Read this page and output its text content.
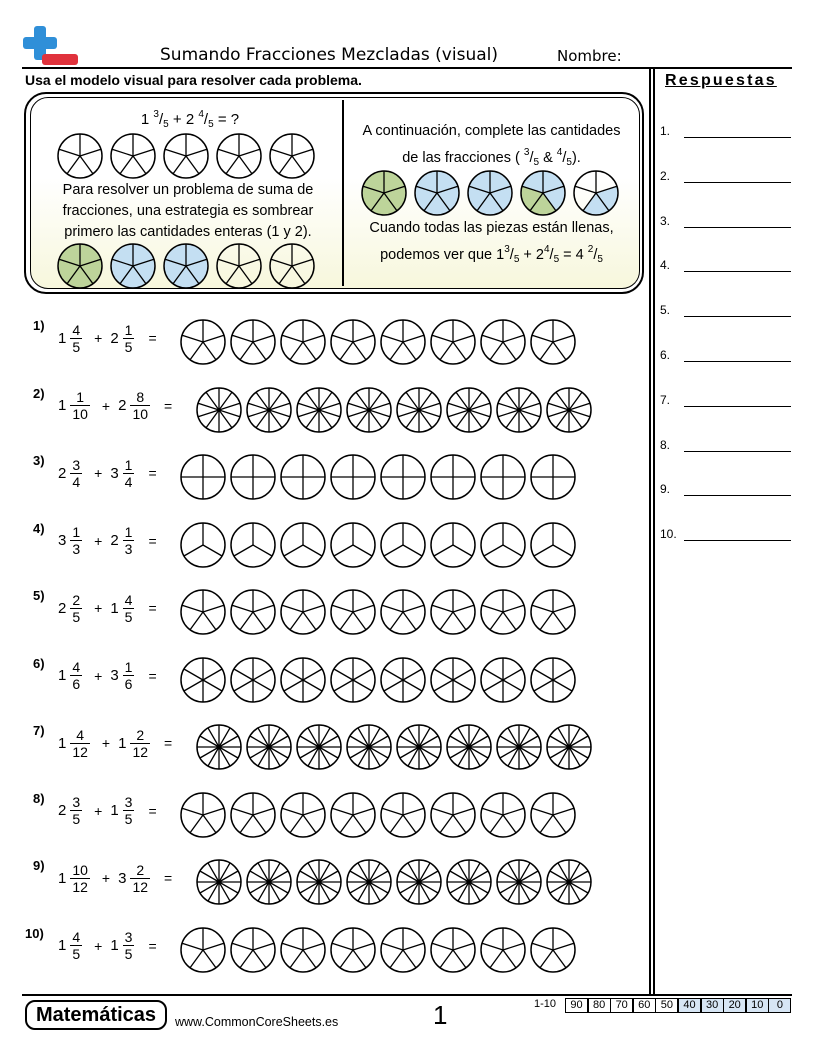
Sumando Fracciones Mezcladas (visual)	Nombre:
Usa el modelo visual para resolver cada problema.	Respuestas
1.
2.
3.
4.
5.
6.
7.
8.
9.
10.
1 $^3/_5 + 2$ $^4/_5$ = ?
Para resolver un problema de suma de
fracciones, una estrategia es sombrear
primero las cantidades enteras (1 y 2).
A continuación, complete las cantidades
de las fracciones ( $^3/_5$ & $^4/_5$).
Cuando todas las piezas están llenas,
podemos ver que $1^3/_5 + 2^4/_5 = 4$ $^2/_5$
1)
$1 \frac{4}{5} + 2 \frac{1}{5}$ =
2)
$1 \frac{1}{10} + 2 \frac{8}{10}$ =
3)
$2 \frac{3}{4} + 3 \frac{1}{4}$ =
4)
$3 \frac{1}{3} + 2 \frac{1}{3}$ =
5)
$2 \frac{2}{5} + 1 \frac{4}{5}$ =
6)
$1 \frac{4}{6} + 3 \frac{1}{6}$ =
7)
$1 \frac{4}{12} + 1 \frac{2}{12}$ =
8)
$2 \frac{3}{5} + 1 \frac{3}{5}$ =
9)
$1 \frac{10}{12} + 3 \frac{2}{12}$ =
10)
$1 \frac{4}{5} + 1 \frac{3}{5}$ =
Matemáticas	www.CommonCoreSheets.es	1	1-10	90 80 70 60 50 40 30 20 10	0
